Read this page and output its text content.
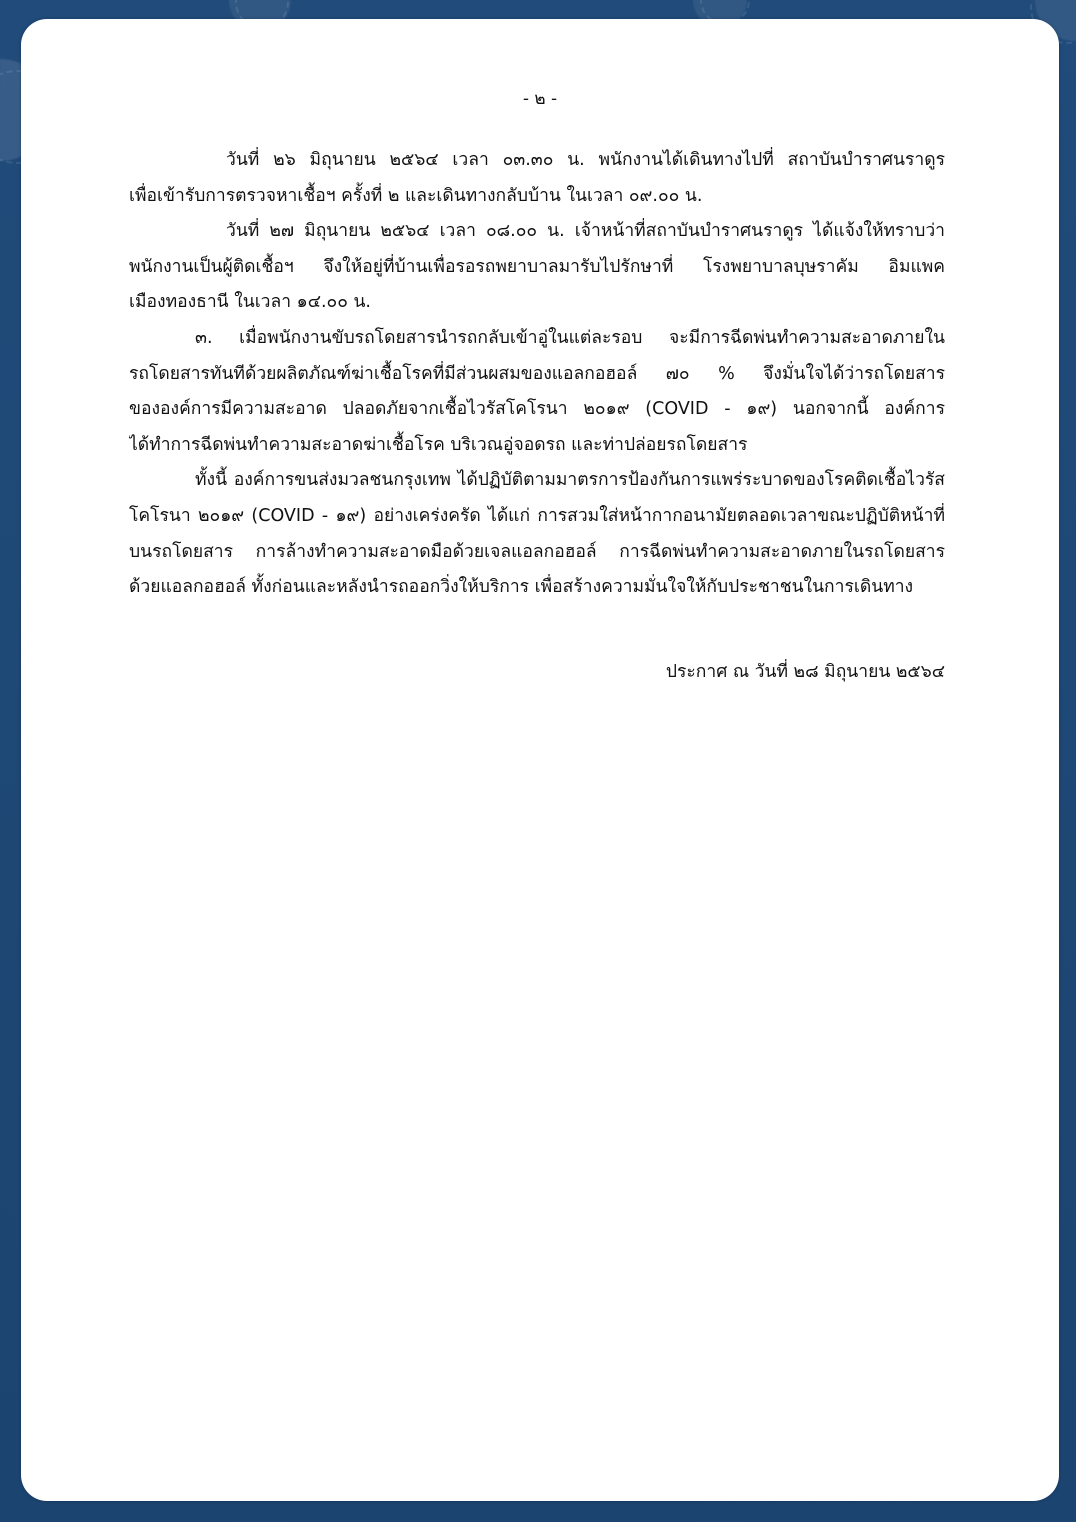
- ๒ -
วันที่ ๒๖ มิถุนายน ๒๕๖๔ เวลา ๐๓.๓๐ น. พนักงานได้เดินทางไปที่ สถาบันบำราศนราดูร
เพื่อเข้ารับการตรวจหาเชื้อฯ ครั้งที่ ๒ และเดินทางกลับบ้าน ในเวลา ๐๙.๐๐ น.
วันที่ ๒๗ มิถุนายน ๒๕๖๔ เวลา ๐๘.๐๐ น. เจ้าหน้าที่สถาบันบำราศนราดูร ได้แจ้งให้ทราบว่า
พนักงานเป็นผู้ติดเชื้อฯ จึงให้อยู่ที่บ้านเพื่อรอรถพยาบาลมารับไปรักษาที่ โรงพยาบาลบุษราคัม อิมแพค
เมืองทองธานี ในเวลา ๑๔.๐๐ น.
๓. เมื่อพนักงานขับรถโดยสารนำรถกลับเข้าอู่ในแต่ละรอบ จะมีการฉีดพ่นทำความสะอาดภายใน
รถโดยสารทันทีด้วยผลิตภัณฑ์ฆ่าเชื้อโรคที่มีส่วนผสมของแอลกอฮอล์ ๗๐ % จึงมั่นใจได้ว่ารถโดยสาร
ขององค์การมีความสะอาด ปลอดภัยจากเชื้อไวรัสโคโรนา ๒๐๑๙ (COVID - ๑๙) นอกจากนี้ องค์การ
ได้ทำการฉีดพ่นทำความสะอาดฆ่าเชื้อโรค บริเวณอู่จอดรถ และท่าปล่อยรถโดยสาร
ทั้งนี้ องค์การขนส่งมวลชนกรุงเทพ ได้ปฏิบัติตามมาตรการป้องกันการแพร่ระบาดของโรคติดเชื้อไวรัส
โคโรนา ๒๐๑๙ (COVID - ๑๙) อย่างเคร่งครัด ได้แก่ การสวมใส่หน้ากากอนามัยตลอดเวลาขณะปฏิบัติหน้าที่
บนรถโดยสาร การล้างทำความสะอาดมือด้วยเจลแอลกอฮอล์ การฉีดพ่นทำความสะอาดภายในรถโดยสาร
ด้วยแอลกอฮอล์ ทั้งก่อนและหลังนำรถออกวิ่งให้บริการ เพื่อสร้างความมั่นใจให้กับประชาชนในการเดินทาง
ประกาศ ณ วันที่ ๒๘ มิถุนายน ๒๕๖๔
